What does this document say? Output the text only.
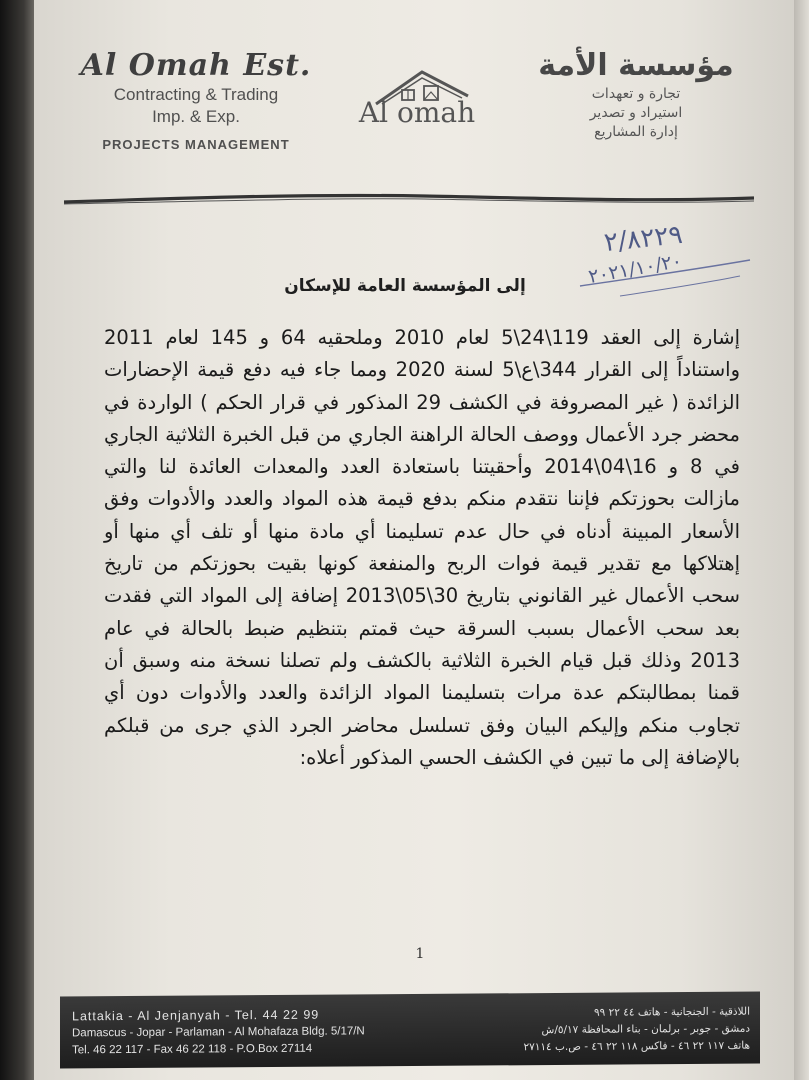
Al Omah Est.
Contracting & Trading
Imp. & Exp.
PROJECTS MANAGEMENT
Al omah
مؤسسة الأمة
تجارة و تعهدات
استيراد و تصدير
إدارة المشاريع
٢/٨٢٢٩
٢٠٢١/١٠/٢٠
إلى المؤسسة العامة للإسكان
إشارة إلى العقد 119\24\5 لعام 2010 وملحقيه 64 و 145 لعام 2011 واستناداً إلى القرار 344\ع\5 لسنة 2020 ومما جاء فيه دفع قيمة الإحضارات الزائدة ( غير المصروفة في الكشف 29 المذكور في قرار الحكم ) الواردة في محضر جرد الأعمال ووصف الحالة الراهنة الجاري من قبل الخبرة الثلاثية الجاري في 8 و 16\04\2014 وأحقيتنا باستعادة العدد والمعدات العائدة لنا والتي مازالت بحوزتكم فإننا نتقدم منكم بدفع قيمة هذه المواد والعدد والأدوات وفق الأسعار المبينة أدناه في حال عدم تسليمنا أي مادة منها أو تلف أي منها أو إهتلاكها مع تقدير قيمة فوات الربح والمنفعة كونها بقيت بحوزتكم من تاريخ سحب الأعمال غير القانوني بتاريخ 30\05\2013 إضافة إلى المواد التي فقدت بعد سحب الأعمال بسبب السرقة حيث قمتم بتنظيم ضبط بالحالة في عام 2013 وذلك قبل قيام الخبرة الثلاثية بالكشف ولم تصلنا نسخة منه وسبق أن قمنا بمطالبتكم عدة مرات بتسليمنا المواد الزائدة والعدد والأدوات دون أي تجاوب منكم وإليكم البيان وفق تسلسل محاضر الجرد الذي جرى من قبلكم بالإضافة إلى ما تبين في الكشف الحسي المذكور أعلاه:
1
Lattakia - Al Jenjanyah - Tel. 44 22 99
Damascus - Jopar - Parlaman - Al Mohafaza Bldg. 5/17/N
Tel. 46 22 117 - Fax 46 22 118 - P.O.Box 27114
اللاذقية - الجنجانية - هاتف ٤٤ ٢٢ ٩٩
دمشق - جوبر - برلمان - بناء المحافظة ٥/١٧/ش
هاتف ١١٧ ٢٢ ٤٦ - فاكس ١١٨ ٢٢ ٤٦ - ص.ب ٢٧١١٤
